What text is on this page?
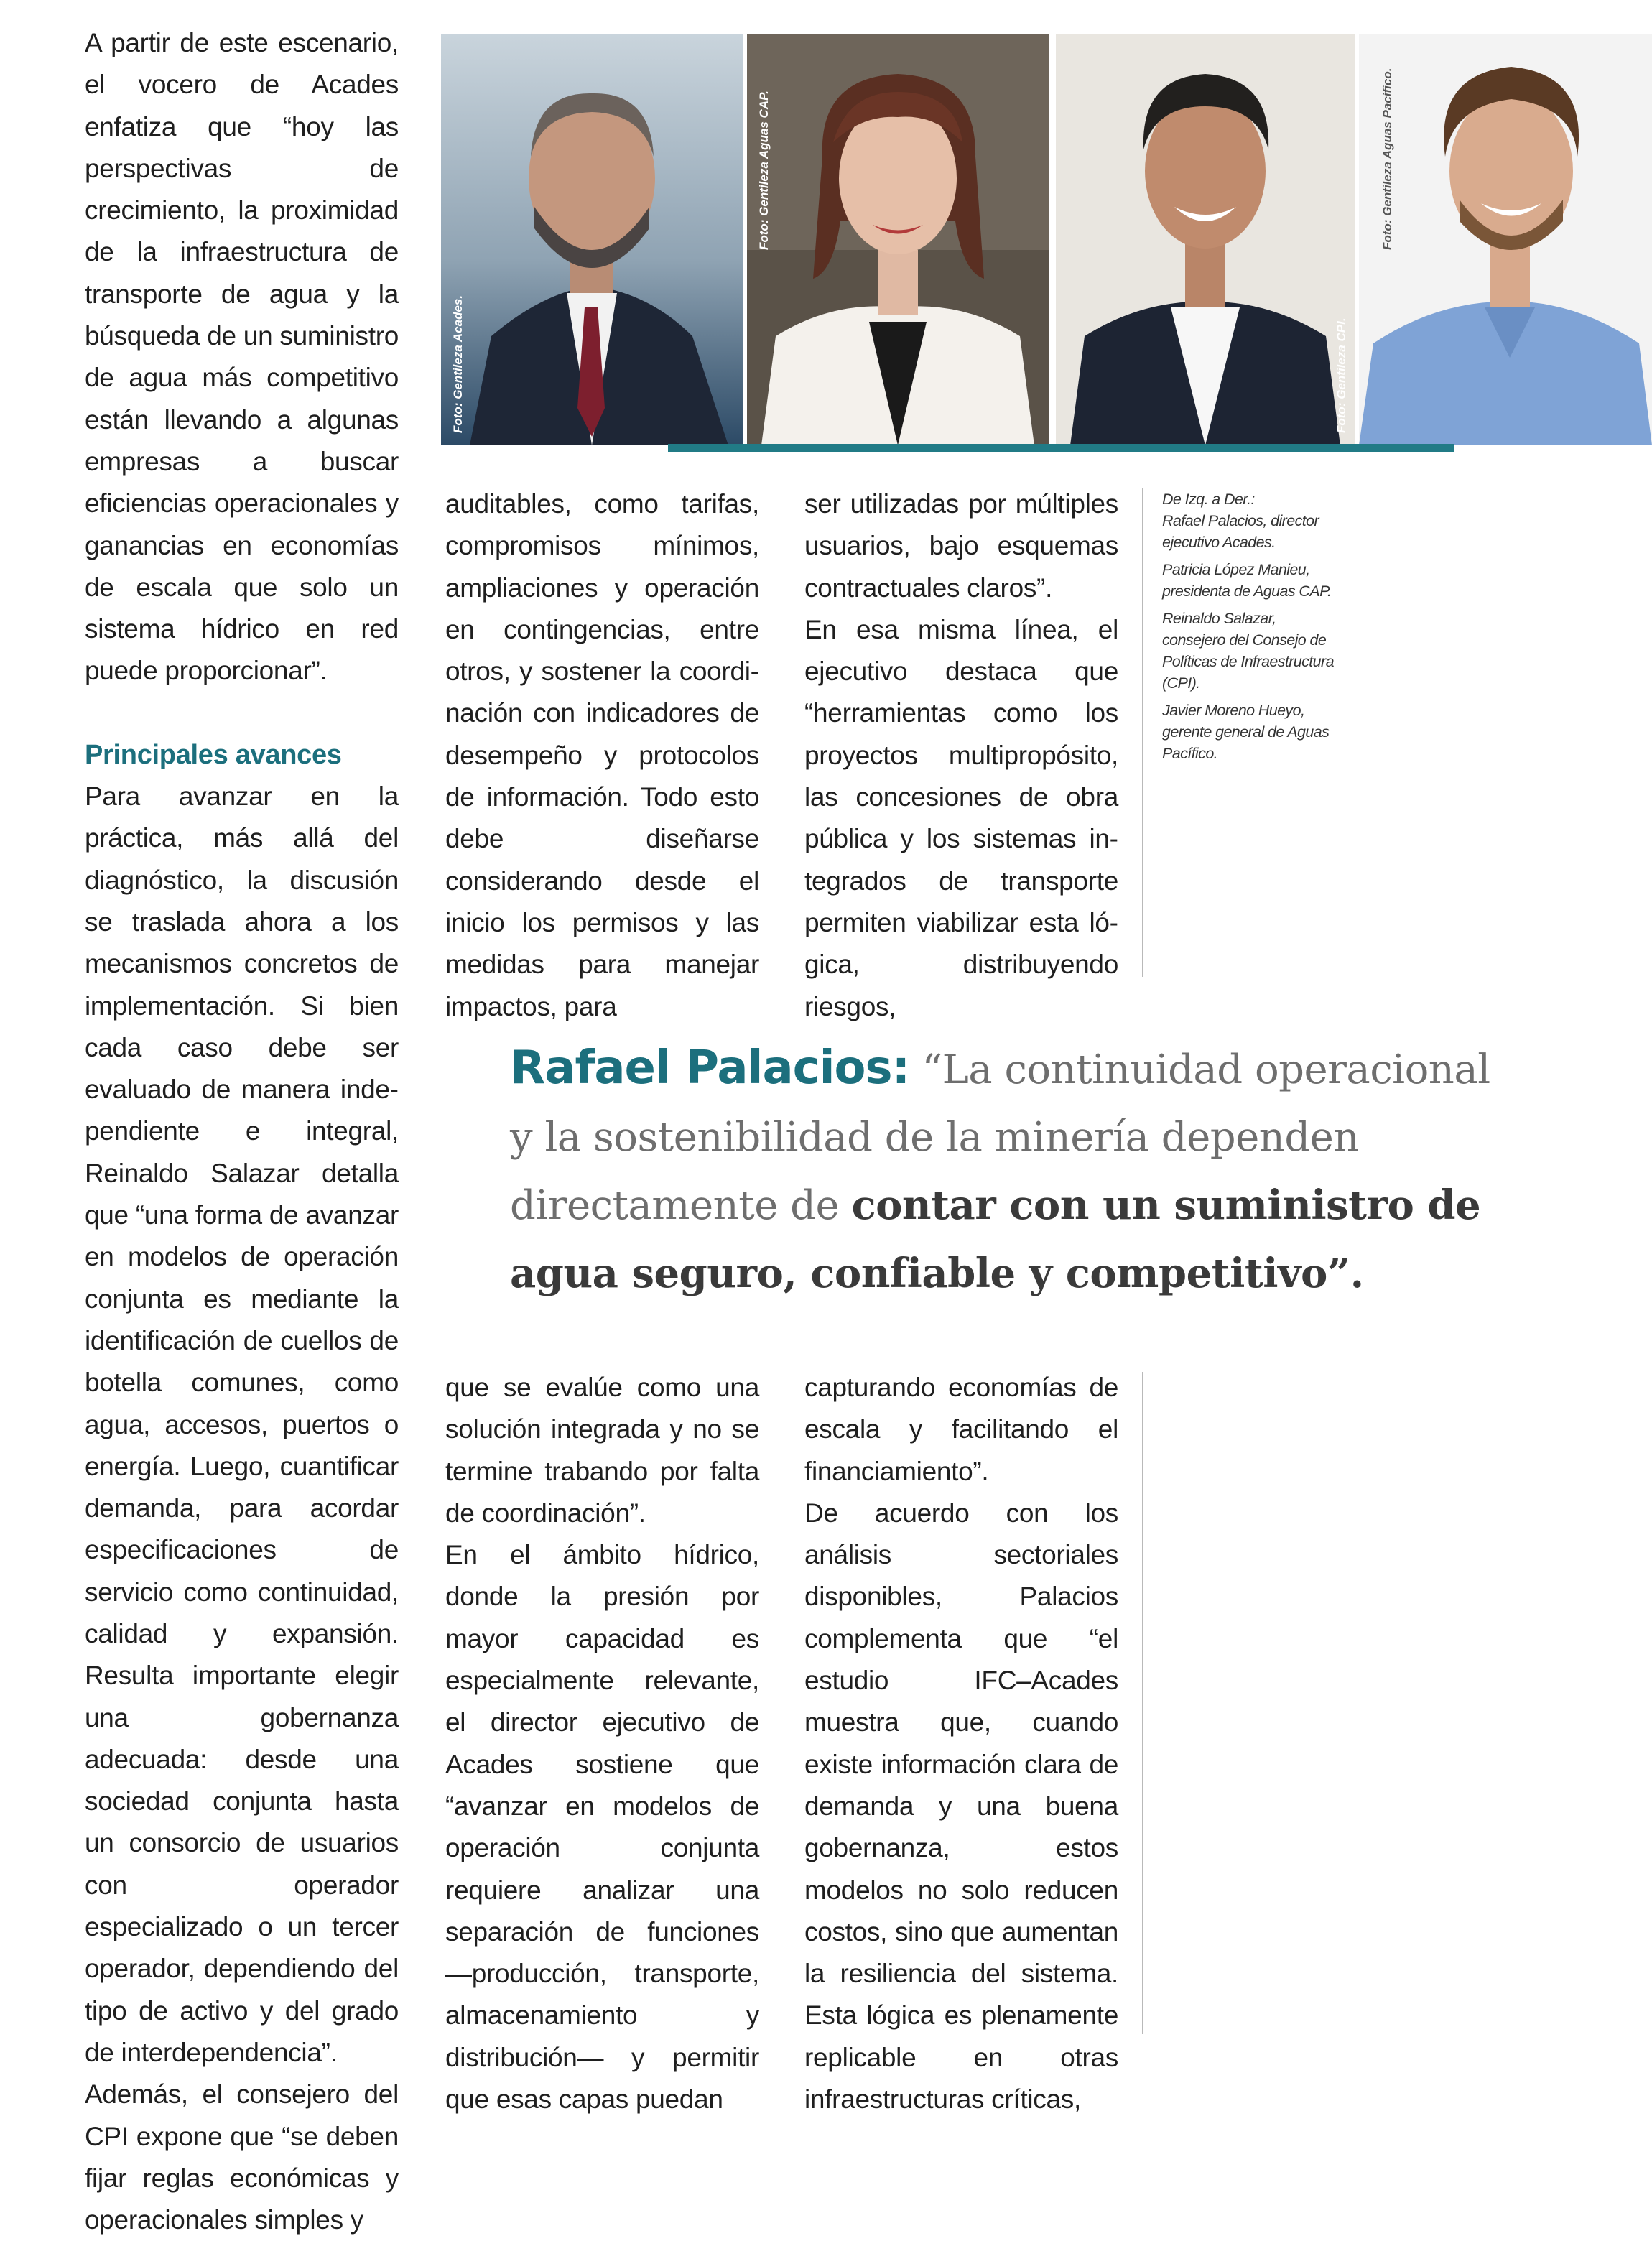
A partir de este escenario, el vocero de Acades enfatiza que “hoy las perspectivas de crecimiento, la proximidad de la infraestructura de transporte de agua y la búsqueda de un suministro de agua más competitivo están llevando a algunas empresas a buscar eficiencias operacionales y ganancias en economías de escala que solo un sistema hídrico en red puede proporcionar”.

Principales avances

Para avanzar en la práctica, más allá del diagnóstico, la discusión se traslada ahora a los mecanismos concretos de implementación. Si bien cada caso debe ser evaluado de manera independiente e integral, Reinaldo Salazar detalla que “una forma de avanzar en modelos de operación conjunta es mediante la identificación de cuellos de botella comunes, como agua, accesos, puertos o energía. Luego, cuantificar demanda, para acordar especificaciones de servicio como continuidad, calidad y expansión. Resulta importante elegir una gobernanza adecuada: desde una sociedad conjunta hasta un consorcio de usuarios con operador especializado o un tercer operador, dependiendo del tipo de activo y del grado de interdependencia”.

Además, el consejero del CPI expone que “se deben fijar reglas económicas y operacionales simples y

Foto: Gentileza Acades.
Foto: Gentileza Aguas CAP.
Foto: Gentileza CPI.
Foto: Gentileza Aguas Pacífico.

auditables, como tarifas, compromisos mínimos, ampliaciones y operación en contingencias, entre otros, y sostener la coordinación con indicadores de desempeño y protocolos de información. Todo esto debe diseñarse considerando desde el inicio los permisos y las medidas para manejar impactos, para

ser utilizadas por múltiples usuarios, bajo esquemas contractuales claros”.

En esa misma línea, el ejecutivo destaca que “herramientas como los proyectos multipropósito, las concesiones de obra pública y los sistemas integrados de transporte permiten viabilizar esta lógica, distribuyendo riesgos,

De Izq. a Der.:

Rafael Palacios, director ejecutivo Acades.

Patricia López Manieu, presidenta de Aguas CAP.

Reinaldo Salazar, consejero del Consejo de Políticas de Infraestructura (CPI).

Javier Moreno Hueyo, gerente general de Aguas Pacífico.

Rafael Palacios: “La continuidad operacional y la sostenibilidad de la minería dependen directamente de contar con un suministro de agua seguro, confiable y competitivo”.

que se evalúe como una solución integrada y no se termine trabando por falta de coordinación”.

En el ámbito hídrico, donde la presión por mayor capacidad es especialmente relevante, el director ejecutivo de Acades sostiene que “avanzar en modelos de operación conjunta requiere analizar una separación de funciones —producción, transporte, almacenamiento y distribución— y permitir que esas capas puedan

capturando economías de escala y facilitando el financiamiento”.

De acuerdo con los análisis sectoriales disponibles, Palacios complementa que “el estudio IFC–Acades muestra que, cuando existe información clara de demanda y una buena gobernanza, estos modelos no solo reducen costos, sino que aumentan la resiliencia del sistema. Esta lógica es plenamente replicable en otras infraestructuras críticas,
